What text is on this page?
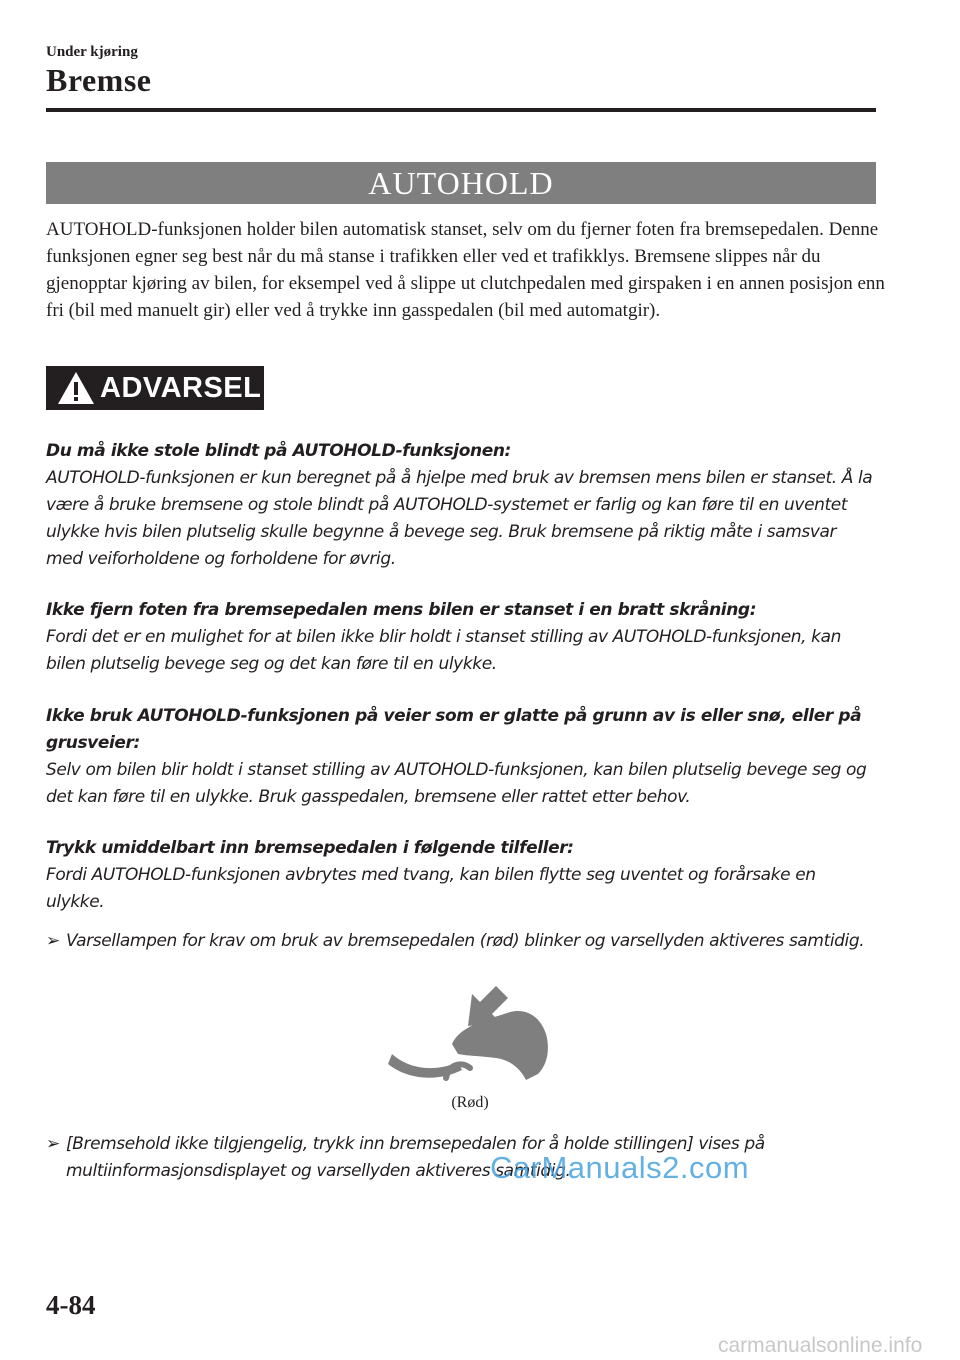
Under kjøring
Bremse
AUTOHOLD
AUTOHOLD-funksjonen holder bilen automatisk stanset, selv om du fjerner foten fra bremsepedalen. Denne funksjonen egner seg best når du må stanse i trafikken eller ved et trafikklys. Bremsene slippes når du gjenopptar kjøring av bilen, for eksempel ved å slippe ut clutchpedalen med girspaken i en annen posisjon enn fri (bil med manuelt gir) eller ved å trykke inn gasspedalen (bil med automatgir).
ADVARSEL

Du må ikke stole blindt på AUTOHOLD-funksjonen:

AUTOHOLD-funksjonen er kun beregnet på å hjelpe med bruk av bremsen mens bilen er stanset. Å la være å bruke bremsene og stole blindt på AUTOHOLD-systemet er farlig og kan føre til en uventet ulykke hvis bilen plutselig skulle begynne å bevege seg. Bruk bremsene på riktig måte i samsvar med veiforholdene og forholdene for øvrig.

Ikke fjern foten fra bremsepedalen mens bilen er stanset i en bratt skråning:

Fordi det er en mulighet for at bilen ikke blir holdt i stanset stilling av AUTOHOLD-funksjonen, kan bilen plutselig bevege seg og det kan føre til en ulykke.

Ikke bruk AUTOHOLD-funksjonen på veier som er glatte på grunn av is eller snø, eller på grusveier:

Selv om bilen blir holdt i stanset stilling av AUTOHOLD-funksjonen, kan bilen plutselig bevege seg og det kan føre til en ulykke. Bruk gasspedalen, bremsene eller rattet etter behov.

Trykk umiddelbart inn bremsepedalen i følgende tilfeller:

Fordi AUTOHOLD-funksjonen avbrytes med tvang, kan bilen flytte seg uventet og forårsake en ulykke.

➢ Varsellampen for krav om bruk av bremsepedalen (rød) blinker og varsellyden aktiveres samtidig.
(Rød)
➢ [Bremsehold ikke tilgjengelig, trykk inn bremsepedalen for å holde stillingen] vises på multiinformasjonsdisplayet og varsellyden aktiveres samtidig.
CarManuals2.com
4-84
carmanualsonline.info
